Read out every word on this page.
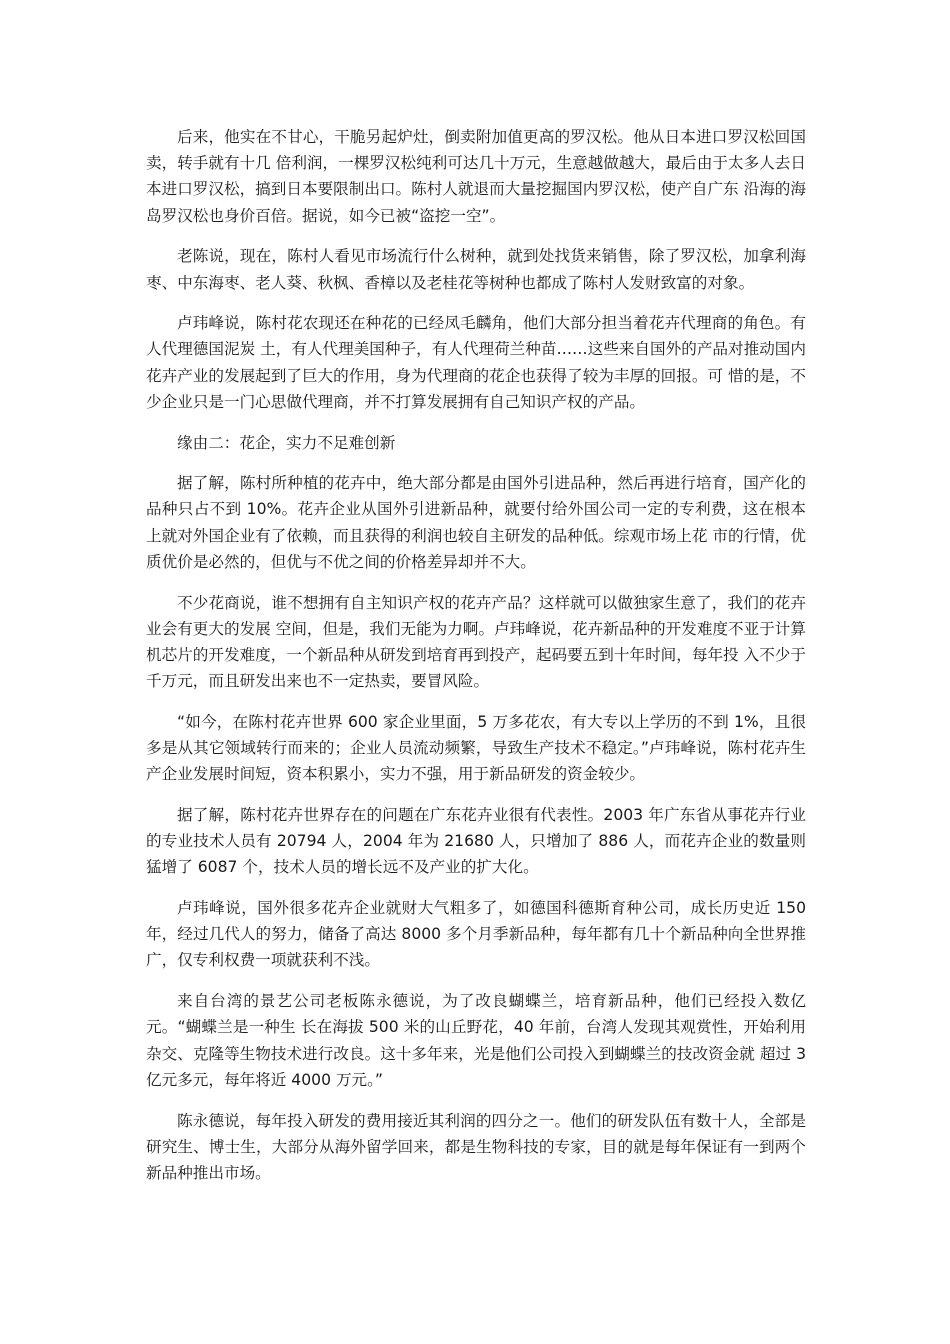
后来，他实在不甘心，干脆另起炉灶，倒卖附加值更高的罗汉松。他从日本进口罗汉松回国卖，转手就有十几 倍利润，一棵罗汉松纯利可达几十万元，生意越做越大，最后由于太多人去日本进口罗汉松，搞到日本要限制出口。陈村人就退而大量挖掘国内罗汉松，使产自广东 沿海的海岛罗汉松也身价百倍。据说，如今已被“盗挖一空”。

老陈说，现在，陈村人看见市场流行什么树种，就到处找货来销售，除了罗汉松，加拿利海枣、中东海枣、老人葵、秋枫、香樟以及老桂花等树种也都成了陈村人发财致富的对象。

卢玮峰说，陈村花农现还在种花的已经凤毛麟角，他们大部分担当着花卉代理商的角色。有人代理德国泥炭 土，有人代理美国种子，有人代理荷兰种苗……这些来自国外的产品对推动国内花卉产业的发展起到了巨大的作用，身为代理商的花企也获得了较为丰厚的回报。可 惜的是，不少企业只是一门心思做代理商，并不打算发展拥有自己知识产权的产品。

缘由二：花企，实力不足难创新

据了解，陈村所种植的花卉中，绝大部分都是由国外引进品种，然后再进行培育，国产化的品种只占不到 10%。花卉企业从国外引进新品种，就要付给外国公司一定的专利费，这在根本上就对外国企业有了依赖，而且获得的利润也较自主研发的品种低。综观市场上花 市的行情，优质优价是必然的，但优与不优之间的价格差异却并不大。

不少花商说，谁不想拥有自主知识产权的花卉产品？这样就可以做独家生意了，我们的花卉业会有更大的发展 空间，但是，我们无能为力啊。卢玮峰说，花卉新品种的开发难度不亚于计算机芯片的开发难度，一个新品种从研发到培育再到投产，起码要五到十年时间，每年投 入不少于千万元，而且研发出来也不一定热卖，要冒风险。

“如今，在陈村花卉世界 600 家企业里面，5 万多花农，有大专以上学历的不到 1%，且很多是从其它领域转行而来的；企业人员流动频繁，导致生产技术不稳定。”卢玮峰说，陈村花卉生产企业发展时间短，资本积累小，实力不强，用于新品研发的资金较少。

据了解，陈村花卉世界存在的问题在广东花卉业很有代表性。2003 年广东省从事花卉行业的专业技术人员有 20794 人，2004 年为 21680 人，只增加了 886 人，而花卉企业的数量则猛增了 6087 个，技术人员的增长远不及产业的扩大化。

卢玮峰说，国外很多花卉企业就财大气粗多了，如德国科德斯育种公司，成长历史近 150 年，经过几代人的努力，储备了高达 8000 多个月季新品种，每年都有几十个新品种向全世界推广，仅专利权费一项就获利不浅。

来自台湾的景艺公司老板陈永德说，为了改良蝴蝶兰，培育新品种，他们已经投入数亿元。“蝴蝶兰是一种生 长在海拔 500 米的山丘野花，40 年前，台湾人发现其观赏性，开始利用杂交、克隆等生物技术进行改良。这十多年来，光是他们公司投入到蝴蝶兰的技改资金就 超过 3 亿元多元，每年将近 4000 万元。”

陈永德说，每年投入研发的费用接近其利润的四分之一。他们的研发队伍有数十人，全部是研究生、博士生，大部分从海外留学回来，都是生物科技的专家，目的就是每年保证有一到两个新品种推出市场。
